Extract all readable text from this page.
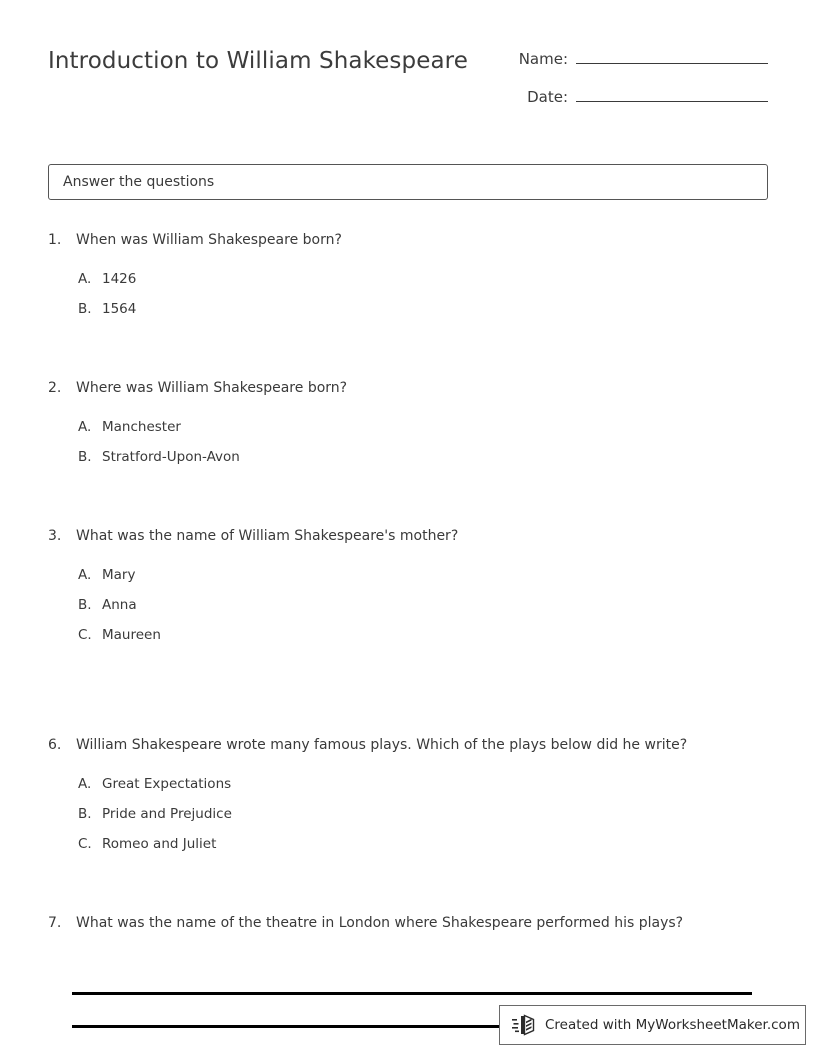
Introduction to William Shakespeare	Name:
Date:
Answer the questions
1.	When was William Shakespeare born?
A. 1426
B. 1564
2.	Where was William Shakespeare born?
A. Manchester
B. Stratford-Upon-Avon
3.	What was the name of William Shakespeare's mother?
A. Mary
B. Anna
C. Maureen
6.	William Shakespeare wrote many famous plays. Which of the plays below did he write?
A. Great Expectations
B. Pride and Prejudice
C. Romeo and Juliet
7.	What was the name of the theatre in London where Shakespeare performed his plays?
Created with MyWorksheetMaker.com
